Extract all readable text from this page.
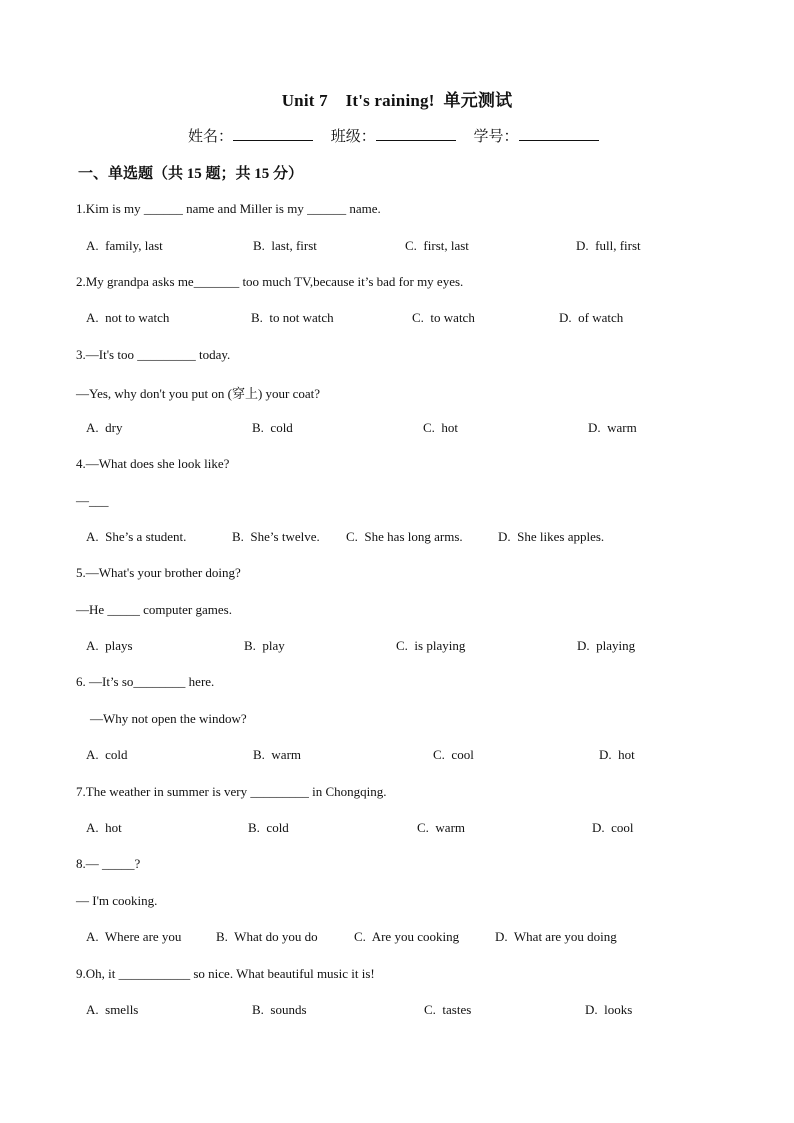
Unit 7    It's raining!  单元测试
姓名：	班级：	学号：
一、单选题（共 15 题；共 15 分）
1.Kim is my ______ name and Miller is my ______ name.
A.  family, last	B.  last, first	C.  first, last	D.  full, first
2.My grandpa asks me_______ too much TV,because it’s bad for my eyes.
A.  not to watch	B.  to not watch	C.  to watch	D.  of watch
3.—It's too _________ today.
—Yes, why don't you put on (穿上) your coat?
A.  dry	B.  cold	C.  hot	D.  warm
4.—What does she look like?
—___
A.  She’s a student.	B.  She’s twelve. C.  She has long arms.	D.  She likes apples.
5.—What's your brother doing?
—He _____ computer games.
A.  plays	B.  play	C.  is playing	D.  playing
6. —It’s so________ here.
—Why not open the window?
A.  cold	B.  warm	C.  cool	D.  hot
7.The weather in summer is very _________ in Chongqing.
A.  hot	B.  cold	C.  warm	D.  cool
8.— _____?
— I'm cooking.
A.  Where are you	B.  What do you do	C.  Are you cooking	D.  What are you doing
9.Oh, it ___________ so nice. What beautiful music it is!
A.  smells	B.  sounds	C.  tastes	D.  looks
